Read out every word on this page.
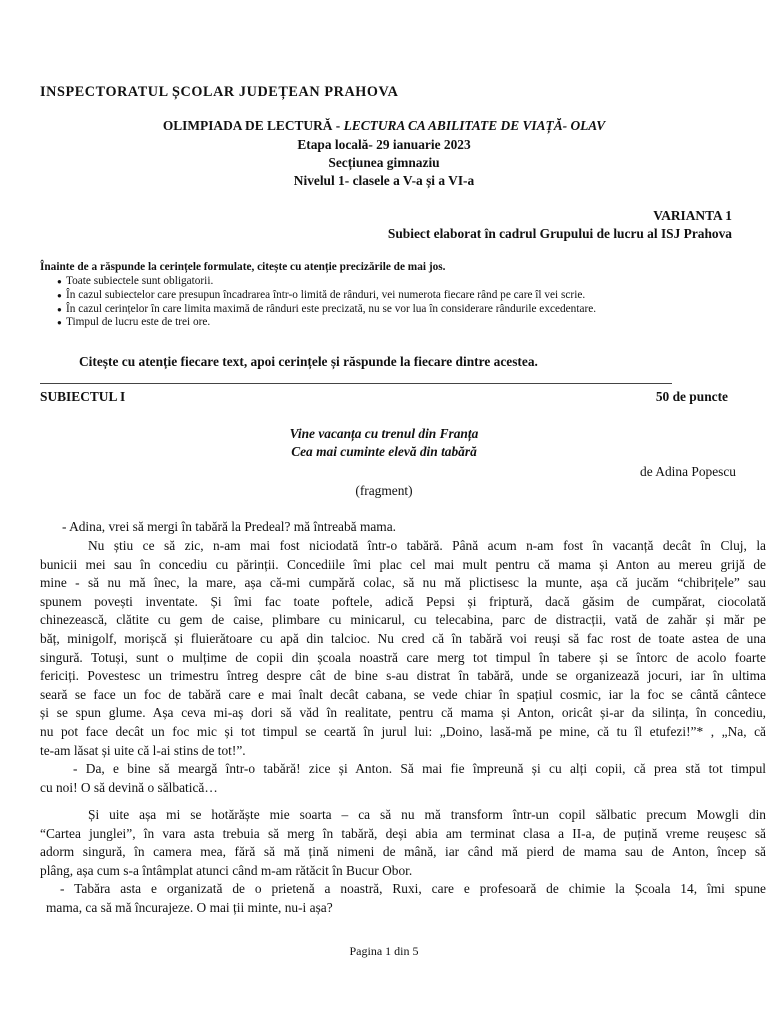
INSPECTORATUL ȘCOLAR JUDEȚEAN PRAHOVA
OLIMPIADA DE LECTURĂ - LECTURA CA ABILITATE DE VIAȚĂ- OLAV
Etapa locală- 29 ianuarie 2023
Secțiunea gimnaziu
Nivelul 1- clasele a V-a și a VI-a
VARIANTA 1
Subiect elaborat în cadrul Grupului de lucru al ISJ Prahova
Înainte de a răspunde la cerințele formulate, citește cu atenție precizările de mai jos.
● Toate subiectele sunt obligatorii.
● În cazul subiectelor care presupun încadrarea într-o limită de rânduri, vei numerota fiecare rând pe care îl vei scrie.
● În cazul cerințelor în care limita maximă de rânduri este precizată, nu se vor lua în considerare rândurile excedentare.
● Timpul de lucru este de trei ore.
Citește cu atenție fiecare text, apoi cerințele și răspunde la fiecare dintre acestea.
SUBIECTUL I	50 de puncte
Vine vacanța cu trenul din Franța
Cea mai cuminte elevă din tabără
de Adina Popescu
(fragment)
- Adina, vrei să mergi în tabără la Predeal? mă întreabă mama.
Nu știu ce să zic, n-am mai fost niciodată într-o tabără. Până acum n-am fost în vacanță decât în Cluj, la
bunicii mei sau în concediu cu părinții. Concediile îmi plac cel mai mult pentru că mama și Anton au mereu grijă de
mine - să nu mă înec, la mare, așa că-mi cumpără colac, să nu mă plictisesc la munte, așa că jucăm “chibrițele” sau
spunem povești inventate. Și îmi fac toate poftele, adică Pepsi și friptură, dacă găsim de cumpărat, ciocolată
chinezească, clătite cu gem de caise, plimbare cu minicarul, cu telecabina, parc de distracții, vată de zahăr și măr pe
băț, minigolf, morișcă și fluierătoare cu apă din talcioc. Nu cred că în tabără voi reuși să fac rost de toate astea de una
singură. Totuși, sunt o mulțime de copii din școala noastră care merg tot timpul în tabere și se întorc de acolo foarte
fericiți. Povestesc un trimestru întreg despre cât de bine s-au distrat în tabără, unde se organizează jocuri, iar în ultima
seară se face un foc de tabără care e mai înalt decât cabana, se vede chiar în spațiul cosmic, iar la foc se cântă cântece
și se spun glume. Așa ceva mi-aș dori să văd în realitate, pentru că mama și Anton, oricât și-ar da silința, în concediu,
nu pot face decât un foc mic și tot timpul se ceartă în jurul lui: „Doino, lasă-mă pe mine, că tu îl etufezi!”* , „Na, că
te-am lăsat și uite că l-ai stins de tot!”.
- Da, e bine să meargă într-o tabără! zice și Anton. Să mai fie împreună și cu alți copii, că prea stă tot timpul
cu noi! O să devină o sălbatică…
Și uite așa mi se hotărăște mie soarta – ca să nu mă transform într-un copil sălbatic precum Mowgli din
“Cartea junglei”, în vara asta trebuia să merg în tabără, deși abia am terminat clasa a II-a, de puțină vreme reușesc să
adorm singură, în camera mea, fără să mă țină nimeni de mână, iar când mă pierd de mama sau de Anton, încep să
plâng, așa cum s-a întâmplat atunci când m-am rătăcit în Bucur Obor.
- Tabăra asta e organizată de o prietenă a noastră, Ruxi, care e profesoară de chimie la Școala 14, îmi spune
mama, ca să mă încurajeze. O mai ții minte, nu-i așa?
Pagina 1 din 5
